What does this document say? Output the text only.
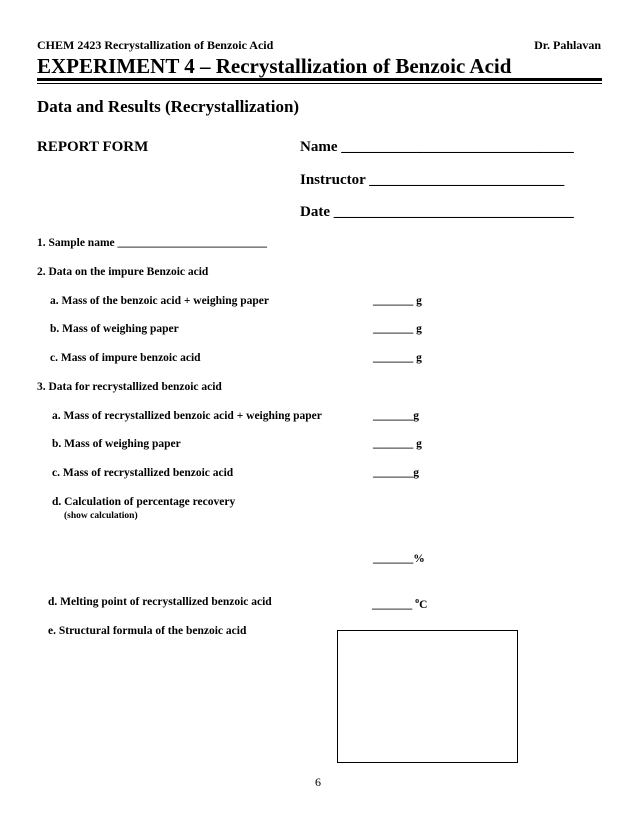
CHEM 2423 Recrystallization of Benzoic Acid	Dr. Pahlavan
EXPERIMENT 4 – Recrystallization of Benzoic Acid
Data and Results (Recrystallization)
REPORT FORM	Name _______________________________
Instructor __________________________
Date ________________________________
1. Sample name __________________________
2. Data on the impure Benzoic acid
a. Mass of the benzoic acid + weighing paper	_______ g
b. Mass of weighing paper	_______ g
c. Mass of impure benzoic acid	_______ g
3. Data for recrystallized benzoic acid
a. Mass of recrystallized benzoic acid + weighing paper	_______g
b. Mass of weighing paper	_______ g
c. Mass of recrystallized benzoic acid	_______g
d. Calculation of percentage recovery
(show calculation)
_______%
d. Melting point of recrystallized benzoic acid	_______ $^o$C
e. Structural formula of the benzoic acid
6
